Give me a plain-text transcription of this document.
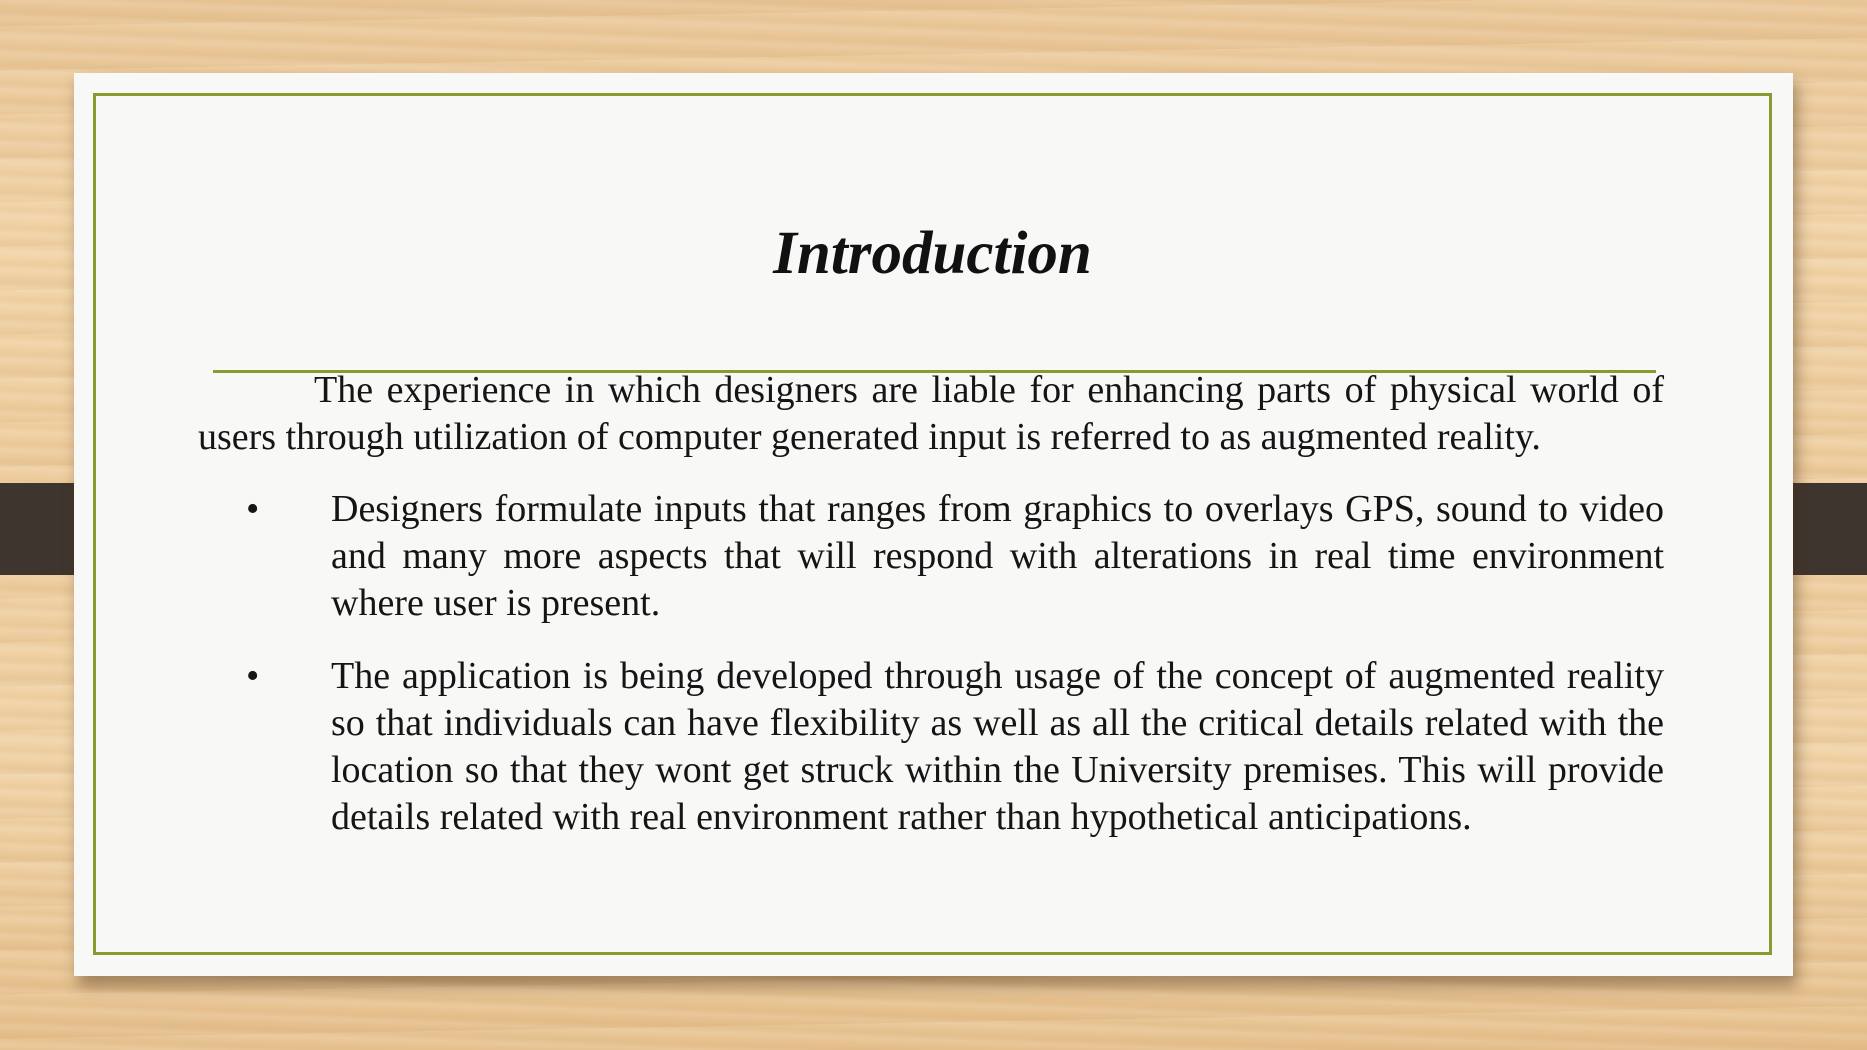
Introduction

The experience in which designers are liable for enhancing parts of physical world of users through utilization of computer generated input is referred to as augmented reality.

• Designers formulate inputs that ranges from graphics to overlays GPS, sound to video and many more aspects that will respond with alterations in real time environment where user is present.
• The application is being developed through usage of the concept of augmented reality so that individuals can have flexibility as well as all the critical details related with the location so that they wont get struck within the University premises. This will provide details related with real environment rather than hypothetical anticipations.
